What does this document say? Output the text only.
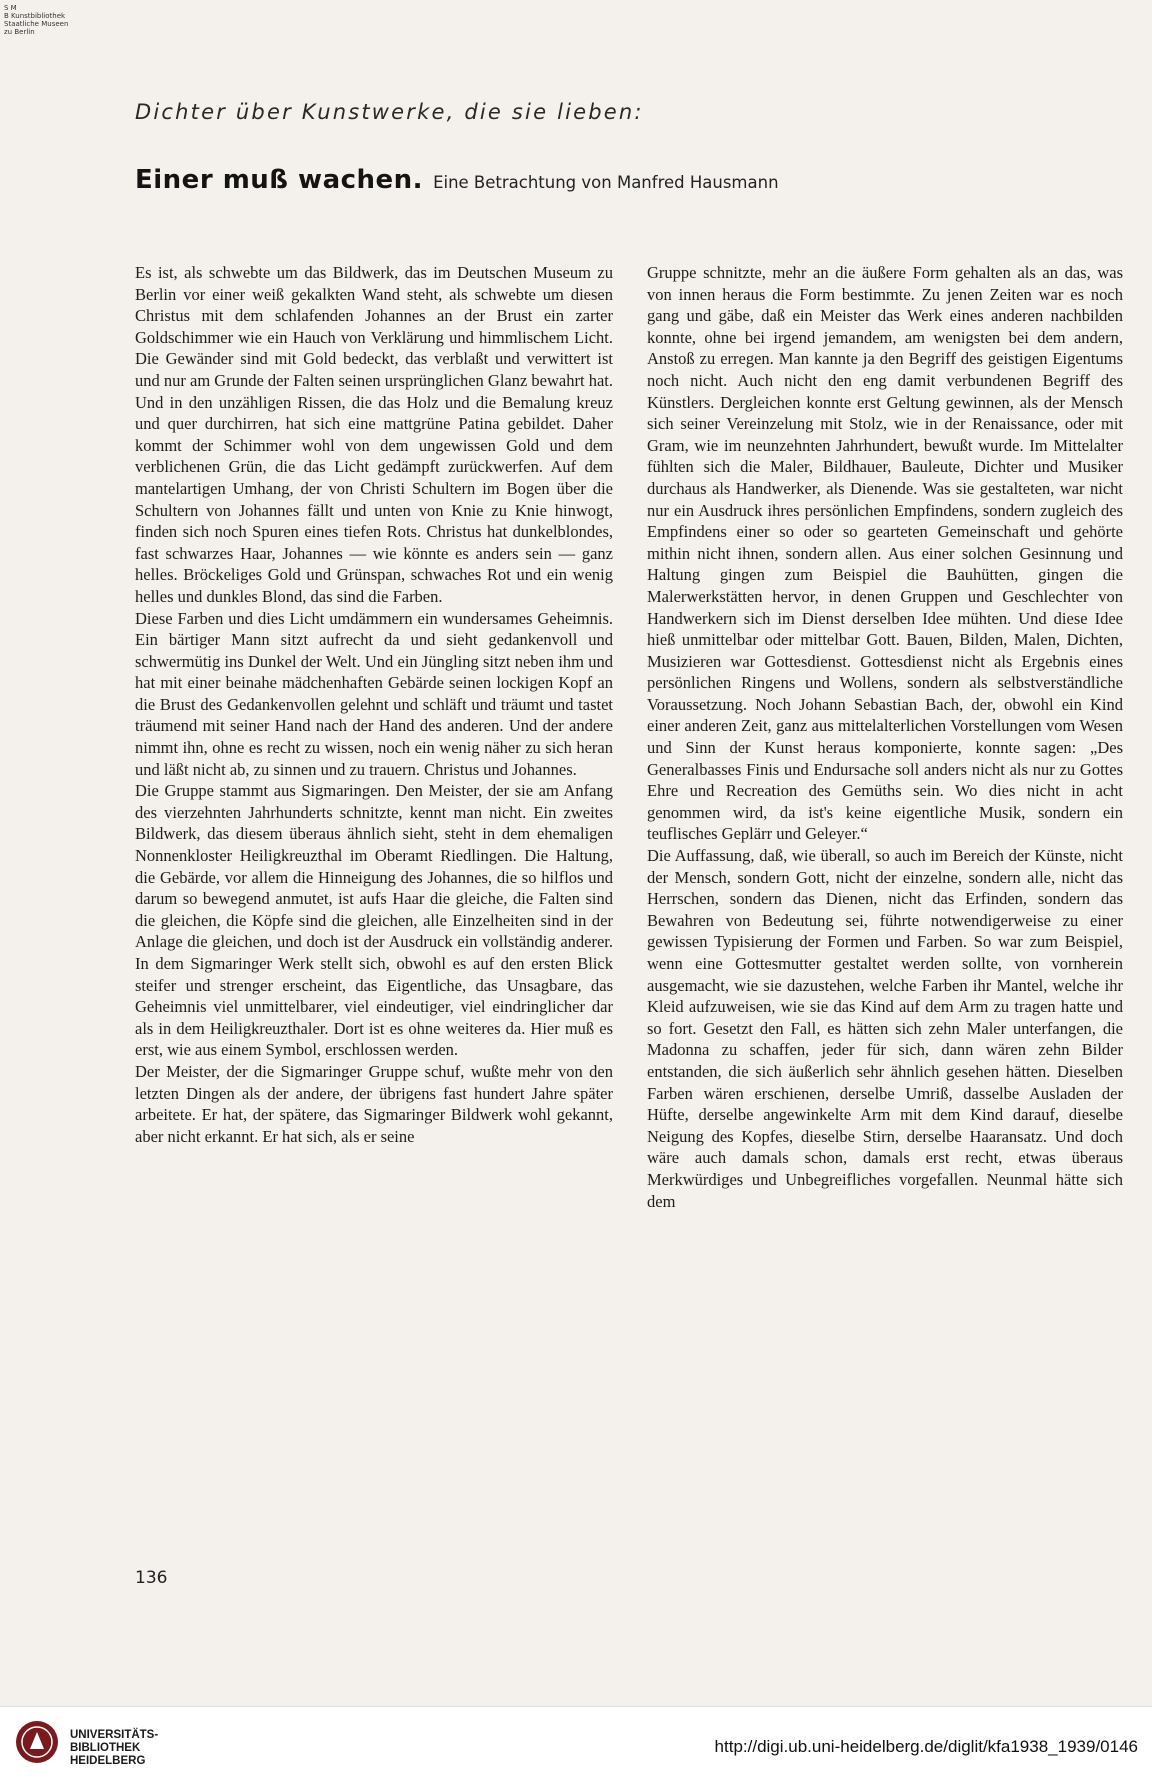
S M
B Kunstbibliothek
Staatliche Museen
zu Berlin
Dichter über Kunstwerke, die sie lieben:
Einer muß wachen. Eine Betrachtung von Manfred Hausmann

Es ist, als schwebte um das Bildwerk, das im Deutschen Museum zu Berlin vor einer weiß gekalkten Wand steht, als schwebte um diesen Christus mit dem schlafenden Johannes an der Brust ein zarter Goldschimmer wie ein Hauch von Verklärung und himmlischem Licht. Die Gewänder sind mit Gold bedeckt, das verblaßt und verwittert ist und nur am Grunde der Falten seinen ursprünglichen Glanz bewahrt hat. Und in den unzähligen Rissen, die das Holz und die Bemalung kreuz und quer durchirren, hat sich eine mattgrüne Patina gebildet. Daher kommt der Schimmer wohl von dem ungewissen Gold und dem verblichenen Grün, die das Licht gedämpft zurückwerfen. Auf dem mantelartigen Umhang, der von Christi Schultern im Bogen über die Schultern von Johannes fällt und unten von Knie zu Knie hinwogt, finden sich noch Spuren eines tiefen Rots. Christus hat dunkelblondes, fast schwarzes Haar, Johannes — wie könnte es anders sein — ganz helles. Bröckeliges Gold und Grünspan, schwaches Rot und ein wenig helles und dunkles Blond, das sind die Farben.

Diese Farben und dies Licht umdämmern ein wundersames Geheimnis. Ein bärtiger Mann sitzt aufrecht da und sieht gedankenvoll und schwermütig ins Dunkel der Welt. Und ein Jüngling sitzt neben ihm und hat mit einer beinahe mädchenhaften Gebärde seinen lockigen Kopf an die Brust des Gedankenvollen gelehnt und schläft und träumt und tastet träumend mit seiner Hand nach der Hand des anderen. Und der andere nimmt ihn, ohne es recht zu wissen, noch ein wenig näher zu sich heran und läßt nicht ab, zu sinnen und zu trauern. Christus und Johannes.

Die Gruppe stammt aus Sigmaringen. Den Meister, der sie am Anfang des vierzehnten Jahrhunderts schnitzte, kennt man nicht. Ein zweites Bildwerk, das diesem überaus ähnlich sieht, steht in dem ehemaligen Nonnenkloster Heiligkreuzthal im Oberamt Riedlingen. Die Haltung, die Gebärde, vor allem die Hinneigung des Johannes, die so hilflos und darum so bewegend anmutet, ist aufs Haar die gleiche, die Falten sind die gleichen, die Köpfe sind die gleichen, alle Einzelheiten sind in der Anlage die gleichen, und doch ist der Ausdruck ein vollständig anderer. In dem Sigmaringer Werk stellt sich, obwohl es auf den ersten Blick steifer und strenger erscheint, das Eigentliche, das Unsagbare, das Geheimnis viel unmittelbarer, viel eindeutiger, viel eindringlicher dar als in dem Heiligkreuzthaler. Dort ist es ohne weiteres da. Hier muß es erst, wie aus einem Symbol, erschlossen werden.

Der Meister, der die Sigmaringer Gruppe schuf, wußte mehr von den letzten Dingen als der andere, der übrigens fast hundert Jahre später arbeitete. Er hat, der spätere, das Sigmaringer Bildwerk wohl gekannt, aber nicht erkannt. Er hat sich, als er seine

Gruppe schnitzte, mehr an die äußere Form gehalten als an das, was von innen heraus die Form bestimmte. Zu jenen Zeiten war es noch gang und gäbe, daß ein Meister das Werk eines anderen nachbilden konnte, ohne bei irgend jemandem, am wenigsten bei dem andern, Anstoß zu erregen. Man kannte ja den Begriff des geistigen Eigentums noch nicht. Auch nicht den eng damit verbundenen Begriff des Künstlers. Dergleichen konnte erst Geltung gewinnen, als der Mensch sich seiner Vereinzelung mit Stolz, wie in der Renaissance, oder mit Gram, wie im neunzehnten Jahrhundert, bewußt wurde. Im Mittelalter fühlten sich die Maler, Bildhauer, Bauleute, Dichter und Musiker durchaus als Handwerker, als Dienende. Was sie gestalteten, war nicht nur ein Ausdruck ihres persönlichen Empfindens, sondern zugleich des Empfindens einer so oder so gearteten Gemeinschaft und gehörte mithin nicht ihnen, sondern allen. Aus einer solchen Gesinnung und Haltung gingen zum Beispiel die Bauhütten, gingen die Malerwerkstätten hervor, in denen Gruppen und Geschlechter von Handwerkern sich im Dienst derselben Idee mühten. Und diese Idee hieß unmittelbar oder mittelbar Gott. Bauen, Bilden, Malen, Dichten, Musizieren war Gottesdienst. Gottesdienst nicht als Ergebnis eines persönlichen Ringens und Wollens, sondern als selbstverständliche Voraussetzung. Noch Johann Sebastian Bach, der, obwohl ein Kind einer anderen Zeit, ganz aus mittelalterlichen Vorstellungen vom Wesen und Sinn der Kunst heraus komponierte, konnte sagen: „Des Generalbasses Finis und Endursache soll anders nicht als nur zu Gottes Ehre und Recreation des Gemüths sein. Wo dies nicht in acht genommen wird, da ist's keine eigentliche Musik, sondern ein teuflisches Geplärr und Geleyer.“

Die Auffassung, daß, wie überall, so auch im Bereich der Künste, nicht der Mensch, sondern Gott, nicht der einzelne, sondern alle, nicht das Herrschen, sondern das Dienen, nicht das Erfinden, sondern das Bewahren von Bedeutung sei, führte notwendigerweise zu einer gewissen Typisierung der Formen und Farben. So war zum Beispiel, wenn eine Gottesmutter gestaltet werden sollte, von vornherein ausgemacht, wie sie dazustehen, welche Farben ihr Mantel, welche ihr Kleid aufzuweisen, wie sie das Kind auf dem Arm zu tragen hatte und so fort. Gesetzt den Fall, es hätten sich zehn Maler unterfangen, die Madonna zu schaffen, jeder für sich, dann wären zehn Bilder entstanden, die sich äußerlich sehr ähnlich gesehen hätten. Dieselben Farben wären erschienen, derselbe Umriß, dasselbe Ausladen der Hüfte, derselbe angewinkelte Arm mit dem Kind darauf, dieselbe Neigung des Kopfes, dieselbe Stirn, derselbe Haaransatz. Und doch wäre auch damals schon, damals erst recht, etwas überaus Merkwürdiges und Unbegreifliches vorgefallen. Neunmal hätte sich dem

136
UNIVERSITÄTS-
BIBLIOTHEK
HEIDELBERG
http://digi.ub.uni-heidelberg.de/diglit/kfa1938_1939/0146
